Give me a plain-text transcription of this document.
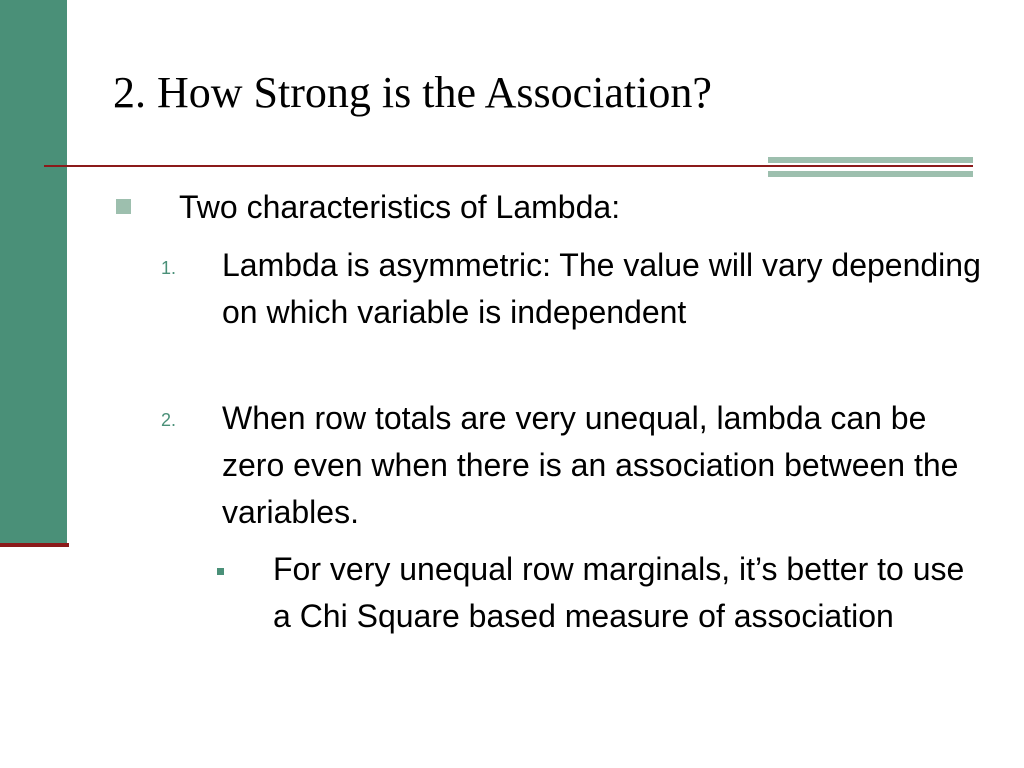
2. How Strong is the Association?

Two characteristics of Lambda:

1. Lambda is asymmetric: The value will vary depending on which variable is independent

2. When row totals are very unequal, lambda can be zero even when there is an association between the variables.

For very unequal row marginals, it’s better to use a Chi Square based measure of association
